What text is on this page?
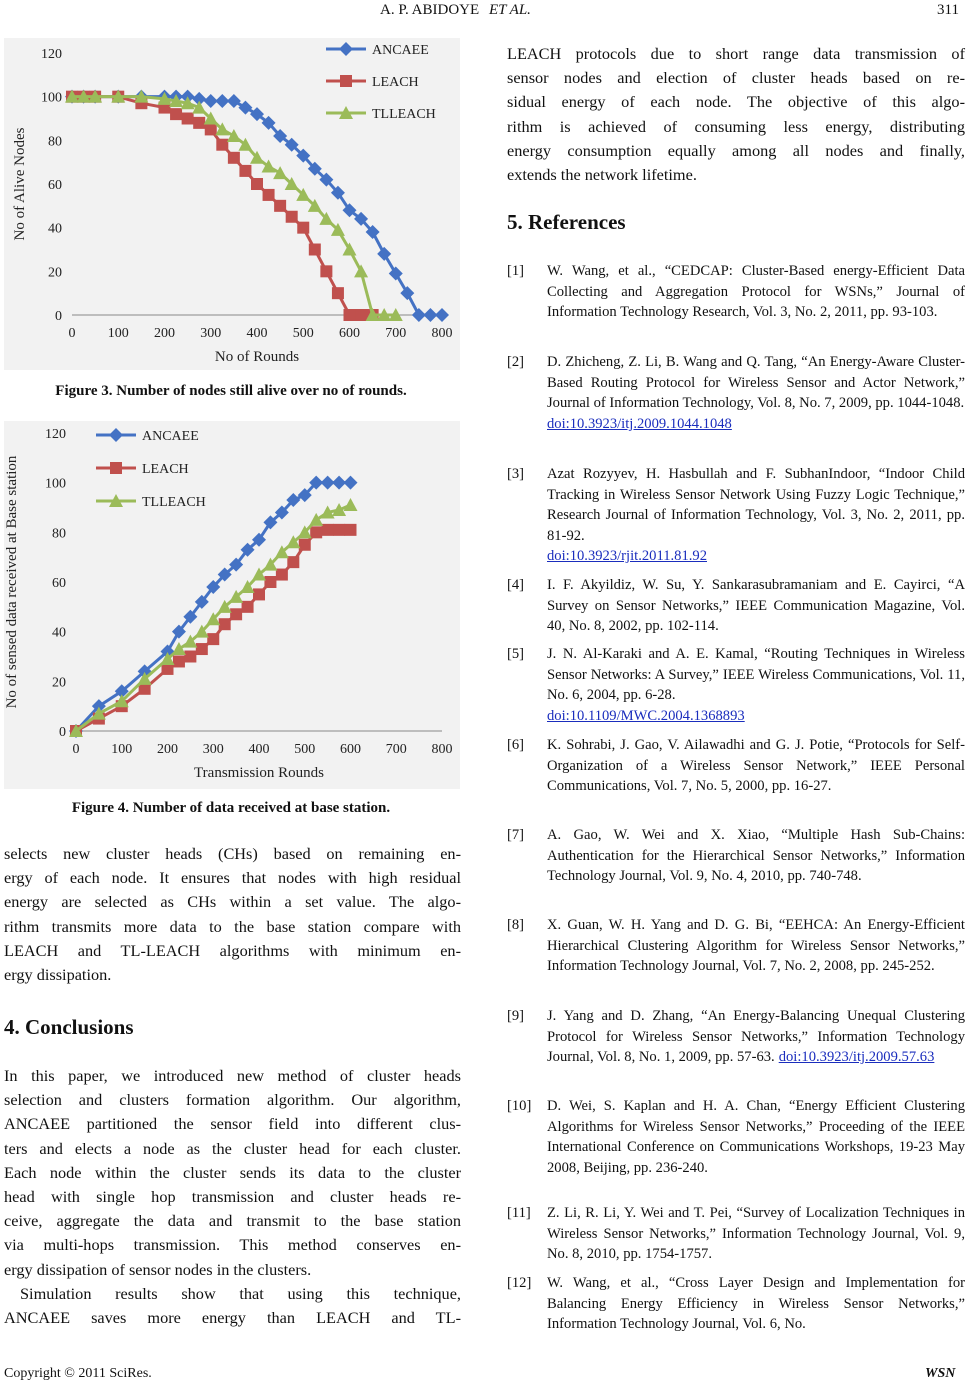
A. P. ABIDOYE ET AL.	311
0
20
40
60
80
100
120
0 100 200 300 400 500 600 700 800
No of Rounds
No of Alive Nodes
ANCAEE
LEACH
TLLEACH
Figure 3. Number of nodes still alive over no of rounds.
0
20
40
60
80
100
120
0 100 200 300 400 500 600 700 800
Transmission Rounds
No of sensed data received at Base station
ANCAEE
LEACH
TLLEACH
Figure 4. Number of data received at base station.
selects new cluster heads (CHs) based on remaining en-
ergy of each node. It ensures that nodes with high residual
energy are selected as CHs within a set value. The algo-
rithm transmits more data to the base station compare with
LEACH and TL-LEACH algorithms with minimum en-
ergy dissipation.
4. Conclusions
In this paper, we introduced new method of cluster heads
selection and clusters formation algorithm. Our algorithm,
ANCAEE partitioned the sensor field into different clus-
ters and elects a node as the cluster head for each cluster.
Each node within the cluster sends its data to the cluster
head with single hop transmission and cluster heads re-
ceive, aggregate the data and transmit to the base station
via multi-hops transmission. This method conserves en-
ergy dissipation of sensor nodes in the clusters.
Simulation results show that using this technique,
ANCAEE saves more energy than LEACH and TL-
LEACH protocols due to short range data transmission of
sensor nodes and election of cluster heads based on re-
sidual energy of each node. The objective of this algo-
rithm is achieved of consuming less energy, distributing
energy consumption equally among all nodes and finally,
extends the network lifetime.
5. References
[1] W. Wang, et al., “CEDCAP: Cluster-Based energy-Efficient Data Collecting and Aggregation Protocol for WSNs,” Journal of Information Technology Research, Vol. 3, No. 2, 2011, pp. 93-103.
[2] D. Zhicheng, Z. Li, B. Wang and Q. Tang, “An Energy-Aware Cluster-Based Routing Protocol for Wireless Sensor and Actor Network,” Journal of Information Technology, Vol. 8, No. 7, 2009, pp. 1044-1048.
doi:10.3923/itj.2009.1044.1048
[3] Azat Rozyyev, H. Hasbullah and F. SubhanIndoor, “Indoor Child Tracking in Wireless Sensor Network Using Fuzzy Logic Technique,” Research Journal of Information Technology, Vol. 3, No. 2, 2011, pp. 81-92.
doi:10.3923/rjit.2011.81.92
[4] I. F. Akyildiz, W. Su, Y. Sankarasubramaniam and E. Cayirci, “A Survey on Sensor Networks,” IEEE Communication Magazine, Vol. 40, No. 8, 2002, pp. 102-114.
[5] J. N. Al-Karaki and A. E. Kamal, “Routing Techniques in Wireless Sensor Networks: A Survey,” IEEE Wireless Communications, Vol. 11, No. 6, 2004, pp. 6-28.
doi:10.1109/MWC.2004.1368893
[6] K. Sohrabi, J. Gao, V. Ailawadhi and G. J. Potie, “Protocols for Self-Organization of a Wireless Sensor Network,” IEEE Personal Communications, Vol. 7, No. 5, 2000, pp. 16-27.
[7] A. Gao, W. Wei and X. Xiao, “Multiple Hash Sub-Chains: Authentication for the Hierarchical Sensor Networks,” Information Technology Journal, Vol. 9, No. 4, 2010, pp. 740-748.
[8] X. Guan, W. H. Yang and D. G. Bi, “EEHCA: An Energy-Efficient Hierarchical Clustering Algorithm for Wireless Sensor Networks,” Information Technology Journal, Vol. 7, No. 2, 2008, pp. 245-252.
[9] J. Yang and D. Zhang, “An Energy-Balancing Unequal Clustering Protocol for Wireless Sensor Networks,” Information Technology Journal, Vol. 8, No. 1, 2009, pp. 57-63. doi:10.3923/itj.2009.57.63
[10] D. Wei, S. Kaplan and H. A. Chan, “Energy Efficient Clustering Algorithms for Wireless Sensor Networks,” Proceeding of the IEEE International Conference on Communications Workshops, 19-23 May 2008, Beijing, pp. 236-240.
[11] Z. Li, R. Li, Y. Wei and T. Pei, “Survey of Localization Techniques in Wireless Sensor Networks,” Information Technology Journal, Vol. 9, No. 8, 2010, pp. 1754-1757.
[12] W. Wang, et al., “Cross Layer Design and Implementation for Balancing Energy Efficiency in Wireless Sensor Networks,” Information Technology Journal, Vol. 6, No.
Copyright © 2011 SciRes.	WSN
